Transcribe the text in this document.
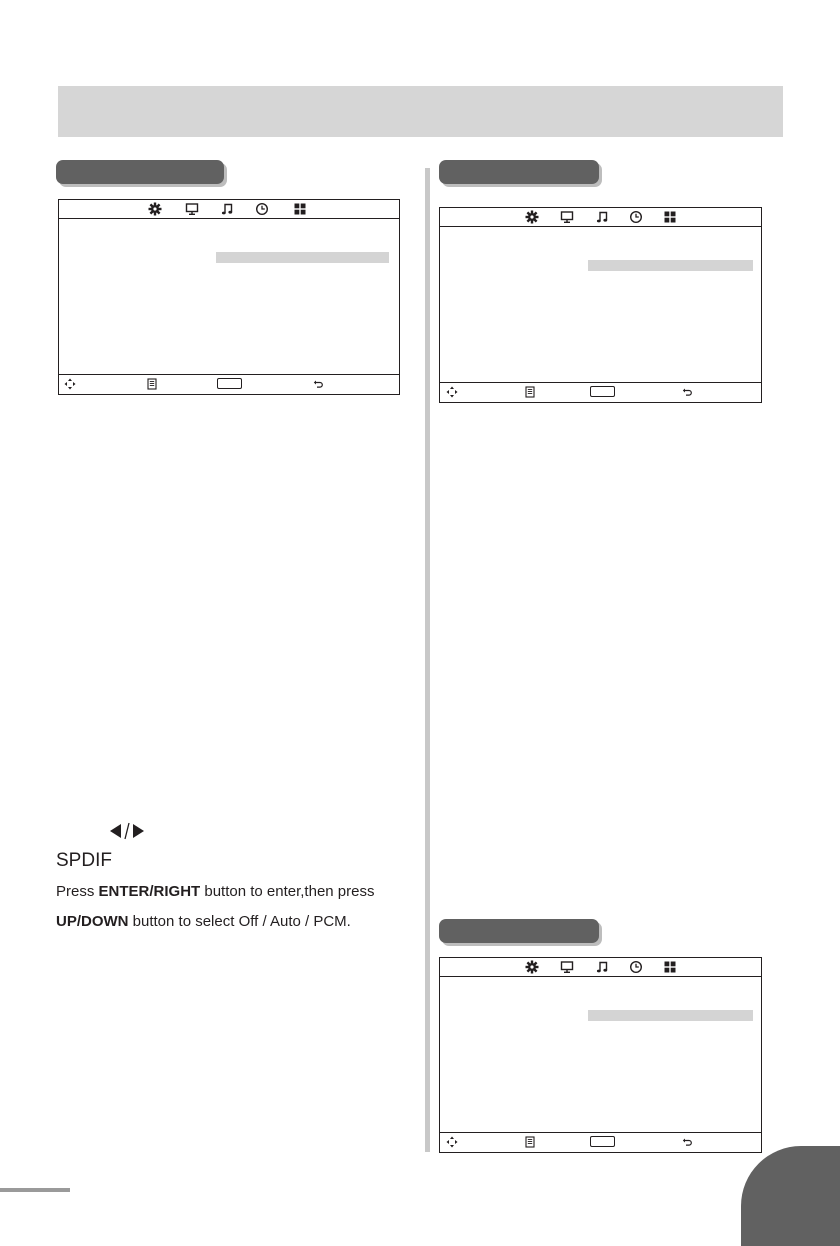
SPDIF

Press ENTER/RIGHT button to enter,then press

UP/DOWN button to select Off / Auto / PCM.
